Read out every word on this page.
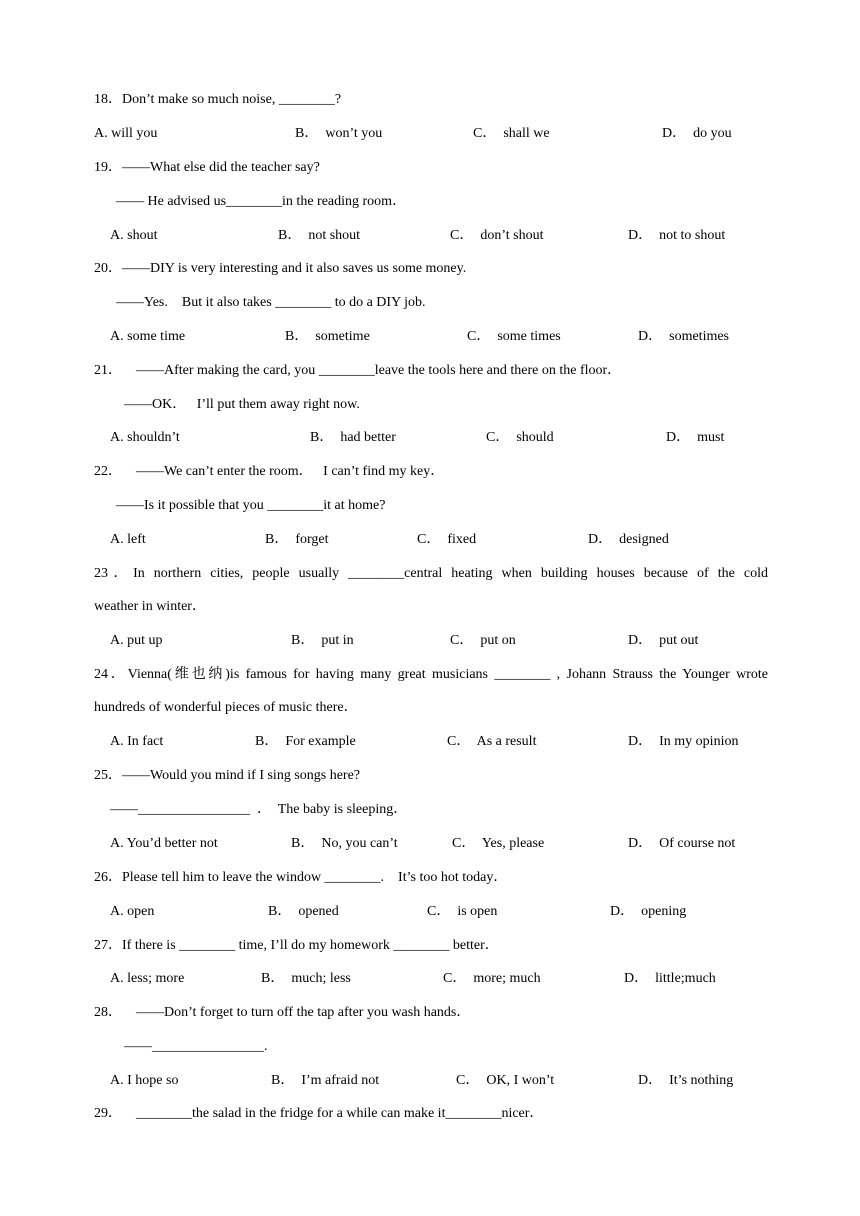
18．Don’t make so much noise, ________?
A. will you	B． won’t you	C． shall we	D． do you
19．——What else did the teacher say?
—— He advised us________in the reading room．
A. shout	B． not shout	C． don’t shout	D． not to shout
20．——DIY is very interesting and it also saves us some money.
——Yes.    But it also takes ________ to do a DIY job.
A. some time	B． sometime	C． some times	D． sometimes
21．    ——After making the card, you ________leave the tools here and there on the floor．
——OK．   I’ll put them away right now.
A. shouldn’t	B． had better	C． should	D． must
22．    ——We can’t enter the room．   I can’t find my key．
——Is it possible that you ________it at home?
A. left	B． forget	C． fixed	D． designed
23．In northern cities, people usually ________central heating when building houses because of the cold
weather in winter．
A. put up	B． put in	C． put on	D． put out
24．Vienna(维也纳)is famous for having many great musicians ________ , Johann Strauss the Younger wrote
hundreds of wonderful pieces of music there．
A. In fact	B． For example	C． As a result	D． In my opinion
25．——Would you mind if I sing songs here?
——________________  ．  The baby is sleeping．
A. You’d better not	B． No, you can’t	C． Yes, please	D． Of course not
26．Please tell him to leave the window ________.    It’s too hot today．
A. open	B． opened	C． is open	D． opening
27．If there is ________ time, I’ll do my homework ________ better．
A. less; more	B． much; less	C． more; much	D． little;much
28．    ——Don’t forget to turn off the tap after you wash hands．
——________________.
A. I hope so	B． I’m afraid not	C． OK, I won’t	D． It’s nothing
29．    ________the salad in the fridge for a while can make it________nicer．
